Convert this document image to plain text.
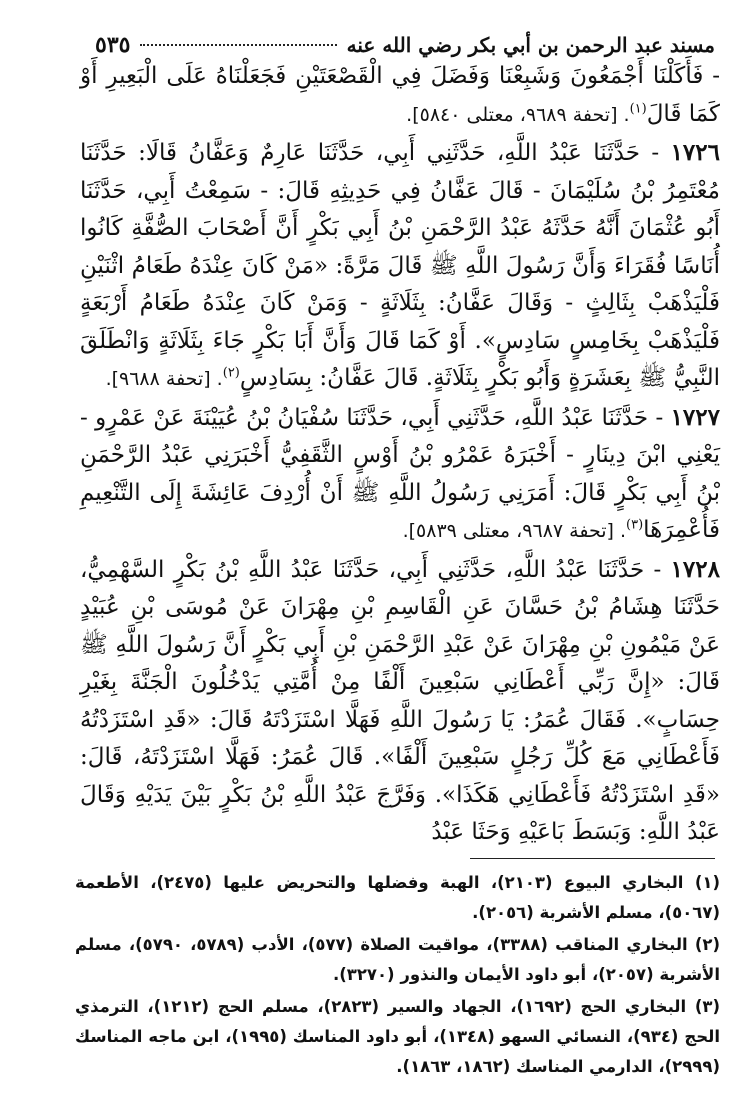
مسند عبد الرحمن بن أبي بكر رضي الله عنه
٥٣٥

- فَأَكَلْنَا أَجْمَعُونَ وَشَبِعْنَا وَفَضَلَ فِي الْقَصْعَتَيْنِ فَجَعَلْنَاهُ عَلَى الْبَعِيرِ أَوْ كَمَا قَالَ$^{(١)}$. [تحفة ٩٦٨٩، معتلى ٥٨٤٠].

١٧٢٦ - حَدَّثَنَا عَبْدُ اللَّهِ، حَدَّثَنِي أَبِي، حَدَّثَنَا عَارِمٌ وَعَفَّانُ قَالَا: حَدَّثَنَا مُعْتَمِرُ بْنُ سُلَيْمَانَ - قَالَ عَفَّانُ فِي حَدِيثِهِ قَالَ: - سَمِعْتُ أَبِي، حَدَّثَنَا أَبُو عُثْمَانَ أَنَّهُ حَدَّثَهُ عَبْدُ الرَّحْمَنِ بْنُ أَبِي بَكْرٍ أَنَّ أَصْحَابَ الصُّفَّةِ كَانُوا أُنَاسًا فُقَرَاءَ وَأَنَّ رَسُولَ اللَّهِ ﷺ قَالَ مَرَّةً: «مَنْ كَانَ عِنْدَهُ طَعَامُ اثْنَيْنِ فَلْيَذْهَبْ بِثَالِثٍ - وَقَالَ عَفَّانُ: بِثَلَاثَةٍ - وَمَنْ كَانَ عِنْدَهُ طَعَامُ أَرْبَعَةٍ فَلْيَذْهَبْ بِخَامِسٍ سَادِسٍ». أَوْ كَمَا قَالَ وَأَنَّ أَبَا بَكْرٍ جَاءَ بِثَلَاثَةٍ وَانْطَلَقَ النَّبِيُّ ﷺ بِعَشَرَةٍ وَأَبُو بَكْرٍ بِثَلَاثَةٍ. قَالَ عَفَّانُ: بِسَادِسٍ$^{(٢)}$. [تحفة ٩٦٨٨].

١٧٢٧ - حَدَّثَنَا عَبْدُ اللَّهِ، حَدَّثَنِي أَبِي، حَدَّثَنَا سُفْيَانُ بْنُ عُيَيْنَةَ عَنْ عَمْرٍو - يَعْنِي ابْنَ دِينَارٍ - أَخْبَرَهُ عَمْرُو بْنُ أَوْسٍ الثَّقَفِيُّ أَخْبَرَنِي عَبْدُ الرَّحْمَنِ بْنُ أَبِي بَكْرٍ قَالَ: أَمَرَنِي رَسُولُ اللَّهِ ﷺ أَنْ أُرْدِفَ عَائِشَةَ إِلَى التَّنْعِيمِ فَأُعْمِرَهَا$^{(٣)}$. [تحفة ٩٦٨٧، معتلى ٥٨٣٩].

١٧٢٨ - حَدَّثَنَا عَبْدُ اللَّهِ، حَدَّثَنِي أَبِي، حَدَّثَنَا عَبْدُ اللَّهِ بْنُ بَكْرٍ السَّهْمِيُّ، حَدَّثَنَا هِشَامُ بْنُ حَسَّانَ عَنِ الْقَاسِمِ بْنِ مِهْرَانَ عَنْ مُوسَى بْنِ عُبَيْدٍ عَنْ مَيْمُونِ بْنِ مِهْرَانَ عَنْ عَبْدِ الرَّحْمَنِ بْنِ أَبِي بَكْرٍ أَنَّ رَسُولَ اللَّهِ ﷺ قَالَ: «إِنَّ رَبِّي أَعْطَانِي سَبْعِينَ أَلْفًا مِنْ أُمَّتِي يَدْخُلُونَ الْجَنَّةَ بِغَيْرِ حِسَابٍ». فَقَالَ عُمَرُ: يَا رَسُولَ اللَّهِ فَهَلَّا اسْتَزَدْتَهُ قَالَ: «قَدِ اسْتَزَدْتُهُ فَأَعْطَانِي مَعَ كُلِّ رَجُلٍ سَبْعِينَ أَلْفًا». قَالَ عُمَرُ: فَهَلَّا اسْتَزَدْتَهُ، قَالَ: «قَدِ اسْتَزَدْتُهُ فَأَعْطَانِي هَكَذَا». وَفَرَّجَ عَبْدُ اللَّهِ بْنُ بَكْرٍ بَيْنَ يَدَيْهِ وَقَالَ عَبْدُ اللَّهِ: وَبَسَطَ بَاعَيْهِ وَحَثَا عَبْدُ

(١) البخاري البيوع (٢١٠٣)، الهبة وفضلها والتحريض عليها (٢٤٧٥)، الأطعمة (٥٠٦٧)، مسلم الأشربة (٢٠٥٦).

(٢) البخاري المناقب (٣٣٨٨)، مواقيت الصلاة (٥٧٧)، الأدب (٥٧٨٩، ٥٧٩٠)، مسلم الأشربة (٢٠٥٧)، أبو داود الأيمان والنذور (٣٢٧٠).

(٣) البخاري الحج (١٦٩٢)، الجهاد والسير (٢٨٢٣)، مسلم الحج (١٢١٢)، الترمذي الحج (٩٣٤)، النسائي السهو (١٣٤٨)، أبو داود المناسك (١٩٩٥)، ابن ماجه المناسك (٢٩٩٩)، الدارمي المناسك (١٨٦٢، ١٨٦٣).
